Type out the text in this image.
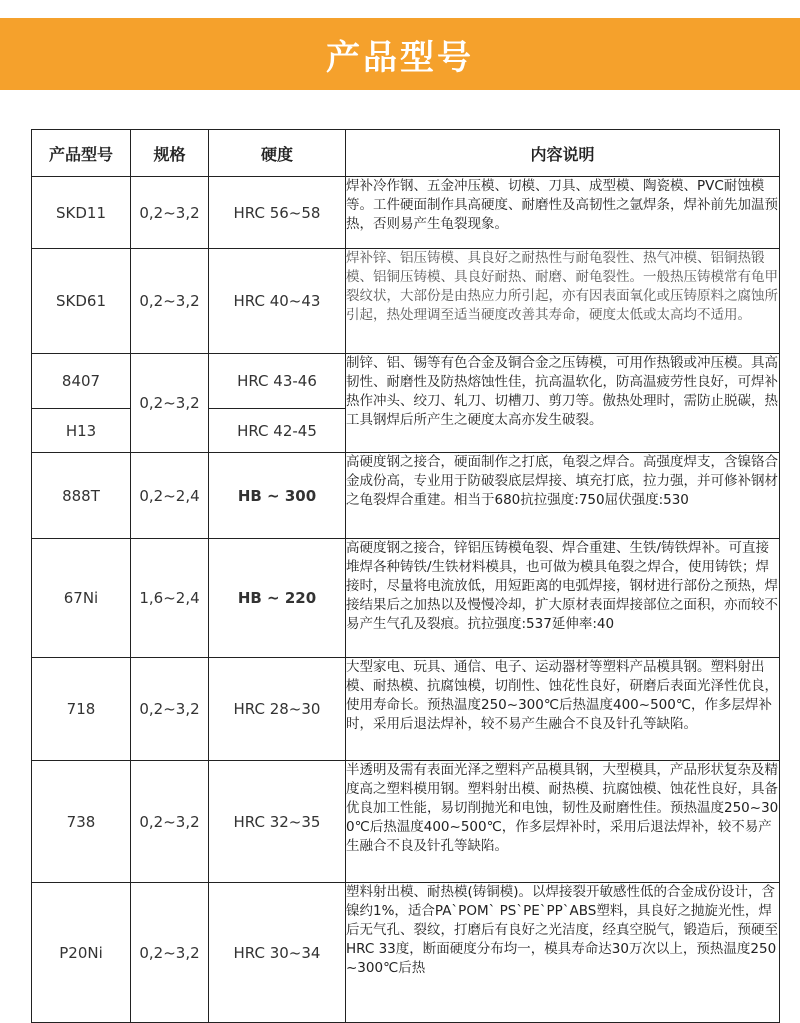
产品型号
产品型号	规格	硬度	内容说明
SKD11	0,2~3,2	HRC 56~58	焊补冷作钢、五金冲压模、切模、刀具、成型模、陶瓷模、PVC耐蚀模等。工件硬面制作具高硬度、耐磨性及高韧性之氩焊条，焊补前先加温预热，否则易产生龟裂现象。
SKD61	0,2~3,2	HRC 40~43	焊补锌、铝压铸模、具良好之耐热性与耐龟裂性、热气冲模、铝铜热锻模、铝铜压铸模、具良好耐热、耐磨、耐龟裂性。一般热压铸模常有龟甲裂纹状，大部份是由热应力所引起，亦有因表面氧化或压铸原料之腐蚀所引起，热处理调至适当硬度改善其寿命，硬度太低或太高均不适用。
8407	0,2~3,2	HRC 43-46	制锌、铝、锡等有色合金及铜合金之压铸模，可用作热锻或冲压模。具高韧性、耐磨性及防热熔蚀性佳，抗高温软化，防高温疲劳性良好，可焊补热作冲头、绞刀、轧刀、切槽刀、剪刀等。傲热处理时，需防止脱碳，热工具钢焊后所产生之硬度太高亦发生破裂。
H13		HRC 42-45	
888T	0,2~2,4	HB ~ 300	高硬度钢之接合，硬面制作之打底，龟裂之焊合。高强度焊支，含镍铬合金成份高，专业用于防破裂底层焊接、填充打底，拉力强，并可修补钢材之龟裂焊合重建。相当于680抗拉强度:750屈伏强度:530
67Ni	1,6~2,4	HB ~ 220	高硬度钢之接合，锌铝压铸模龟裂、焊合重建、生铁/铸铁焊补。可直接堆焊各种铸铁/生铁材料模具，也可做为模具龟裂之焊合，使用铸铁；焊接时，尽量将电流放低，用短距离的电弧焊接，钢材进行部份之预热，焊接结果后之加热以及慢慢冷却，扩大原材表面焊接部位之面积，亦而较不易产生气孔及裂痕。抗拉强度:537延伸率:40
718	0,2~3,2	HRC 28~30	大型家电、玩具、通信、电子、运动器材等塑料产品模具钢。塑料射出模、耐热模、抗腐蚀模，切削性、蚀花性良好，研磨后表面光泽性优良，使用寿命长。预热温度250~300℃后热温度400~500℃，作多层焊补时，采用后退法焊补，较不易产生融合不良及针孔等缺陷。
738	0,2~3,2	HRC 32~35	半透明及需有表面光泽之塑料产品模具钢，大型模具，产品形状复杂及精度高之塑料模用钢。塑料射出模、耐热模、抗腐蚀模、蚀花性良好，具备优良加工性能，易切削抛光和电蚀，韧性及耐磨性佳。预热温度250~300℃后热温度400~500℃，作多层焊补时，采用后退法焊补，较不易产生融合不良及针孔等缺陷。
P20Ni	0,2~3,2	HRC 30~34	塑料射出模、耐热模(铸铜模)。以焊接裂开敏感性低的合金成份设计，含镍约1%，适合PA`POM` PS`PE`PP`ABS塑料，具良好之抛旋光性，焊后无气孔、裂纹，打磨后有良好之光洁度，经真空脱气，锻造后，预硬至HRC 33度，断面硬度分布均一，模具寿命达30万次以上，预热温度250~300℃后热
